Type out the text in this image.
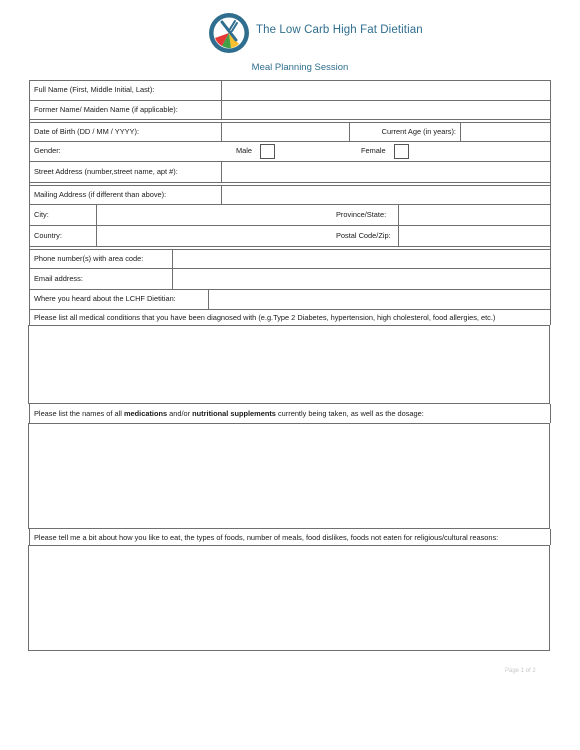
The Low Carb High Fat Dietitian
Meal Planning Session
Full Name (First, Middle Initial, Last):
Former Name/ Maiden Name (if applicable):
Date of Birth (DD / MM / YYYY):	Current Age (in years):
Gender:	Male	Female
Street Address (number,street name, apt #):
Mailing Address (if different than above):
City:	Province/State:
Country:	Postal Code/Zip:
Phone number(s) with area code:
Email address:
Where you heard about the LCHF Dietitian:
Please list all medical conditions that you have been diagnosed with (e.g.Type 2 Diabetes, hypertension, high cholesterol, food allergies, etc.)
Please list the names of all medications and/or nutritional supplements currently being taken, as well as the dosage:
Please tell me a bit about how you like to eat, the types of foods, number of meals, food dislikes, foods not eaten for religious/cultural reasons:
Page 1 of 2
